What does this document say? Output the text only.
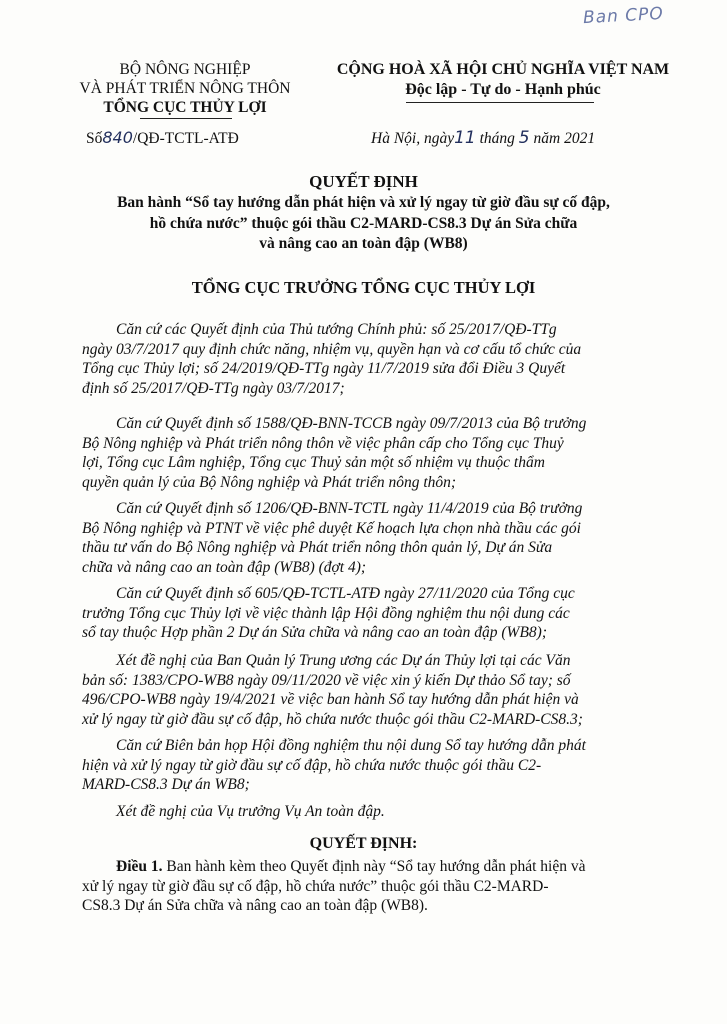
Ban CPO
BỘ NÔNG NGHIỆP
VÀ PHÁT TRIỂN NÔNG THÔN
TỔNG CỤC THỦY LỢI
Số840/QĐ-TCTL-ATĐ
CỘNG HOÀ XÃ HỘI CHỦ NGHĨA VIỆT NAM
Độc lập - Tự do - Hạnh phúc
Hà Nội, ngày11 tháng 5 năm 2021
QUYẾT ĐỊNH
Ban hành “Sổ tay hướng dẫn phát hiện và xử lý ngay từ giờ đầu sự cố đập,
hồ chứa nước” thuộc gói thầu C2-MARD-CS8.3 Dự án Sửa chữa
và nâng cao an toàn đập (WB8)
TỔNG CỤC TRƯỞNG TỔNG CỤC THỦY LỢI
Căn cứ các Quyết định của Thủ tướng Chính phủ: số 25/2017/QĐ-TTg
ngày 03/7/2017 quy định chức năng, nhiệm vụ, quyền hạn và cơ cấu tổ chức của
Tổng cục Thủy lợi; số 24/2019/QĐ-TTg ngày 11/7/2019 sửa đổi Điều 3 Quyết
định số 25/2017/QĐ-TTg ngày 03/7/2017;
Căn cứ Quyết định số 1588/QĐ-BNN-TCCB ngày 09/7/2013 của Bộ trưởng
Bộ Nông nghiệp và Phát triển nông thôn về việc phân cấp cho Tổng cục Thuỷ
lợi, Tổng cục Lâm nghiệp, Tổng cục Thuỷ sản một số nhiệm vụ thuộc thẩm
quyền quản lý của Bộ Nông nghiệp và Phát triển nông thôn;
Căn cứ Quyết định số 1206/QĐ-BNN-TCTL ngày 11/4/2019 của Bộ trưởng
Bộ Nông nghiệp và PTNT về việc phê duyệt Kế hoạch lựa chọn nhà thầu các gói
thầu tư vấn do Bộ Nông nghiệp và Phát triển nông thôn quản lý, Dự án Sửa
chữa và nâng cao an toàn đập (WB8) (đợt 4);
Căn cứ Quyết định số 605/QĐ-TCTL-ATĐ ngày 27/11/2020 của Tổng cục
trưởng Tổng cục Thủy lợi về việc thành lập Hội đồng nghiệm thu nội dung các
sổ tay thuộc Hợp phần 2 Dự án Sửa chữa và nâng cao an toàn đập (WB8);
Xét đề nghị của Ban Quản lý Trung ương các Dự án Thủy lợi tại các Văn
bản số: 1383/CPO-WB8 ngày 09/11/2020 về việc xin ý kiến Dự thảo Sổ tay; số
496/CPO-WB8 ngày 19/4/2021 về việc ban hành Sổ tay hướng dẫn phát hiện và
xử lý ngay từ giờ đầu sự cố đập, hồ chứa nước thuộc gói thầu C2-MARD-CS8.3;
Căn cứ Biên bản họp Hội đồng nghiệm thu nội dung Sổ tay hướng dẫn phát
hiện và xử lý ngay từ giờ đầu sự cố đập, hồ chứa nước thuộc gói thầu C2-
MARD-CS8.3 Dự án WB8;
Xét đề nghị của Vụ trưởng Vụ An toàn đập.
QUYẾT ĐỊNH:
Điều 1. Ban hành kèm theo Quyết định này “Sổ tay hướng dẫn phát hiện và
xử lý ngay từ giờ đầu sự cố đập, hồ chứa nước” thuộc gói thầu C2-MARD-
CS8.3 Dự án Sửa chữa và nâng cao an toàn đập (WB8).
